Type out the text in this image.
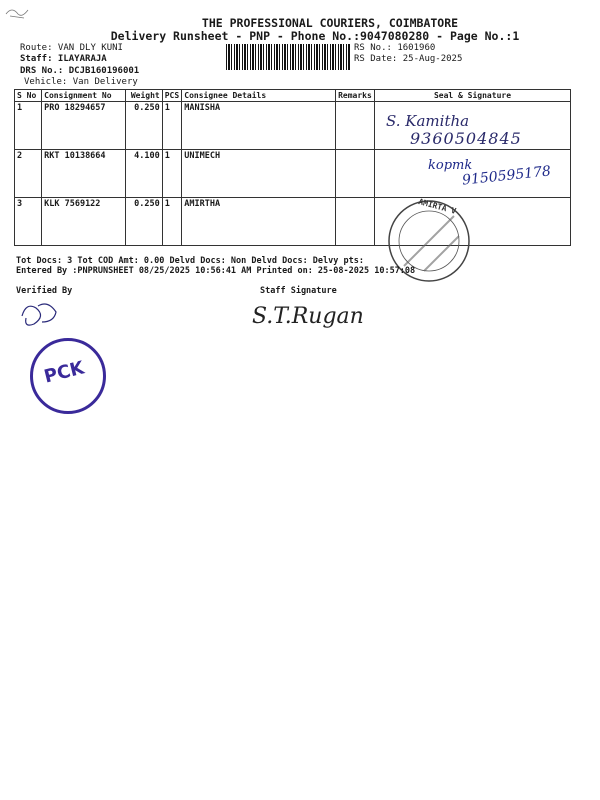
THE PROFESSIONAL COURIERS, COIMBATORE
Delivery Runsheet - PNP - Phone No.:9047080280 - Page No.:1
Route: VAN DLY KUNI
Staff: ILAYARAJA
DRS No.: DCJB160196001
Vehicle: Van Delivery
RS No.: 1601960
RS Date: 25-Aug-2025
S No	Consignment No	Weight	PCS	Consignee Details	Remarks	Seal & Signature
1	PRO 18294657	0.250	1	MANISHA		
2	RKT 10138664	4.100	1	UNIMECH		
3	KLK 7569122	0.250	1	AMIRTHA		
S. Kamitha
9360504845
kopmk
9150595178
AMIRTA V
Tot Docs: 3 Tot COD Amt: 0.00 Delvd Docs: Non Delvd Docs: Delvy pts:
Entered By :PNPRUNSHEET 08/25/2025 10:56:41 AM Printed on: 25-08-2025 10:57:08
Verified By	Staff Signature
S.T.Rugan
PCK
